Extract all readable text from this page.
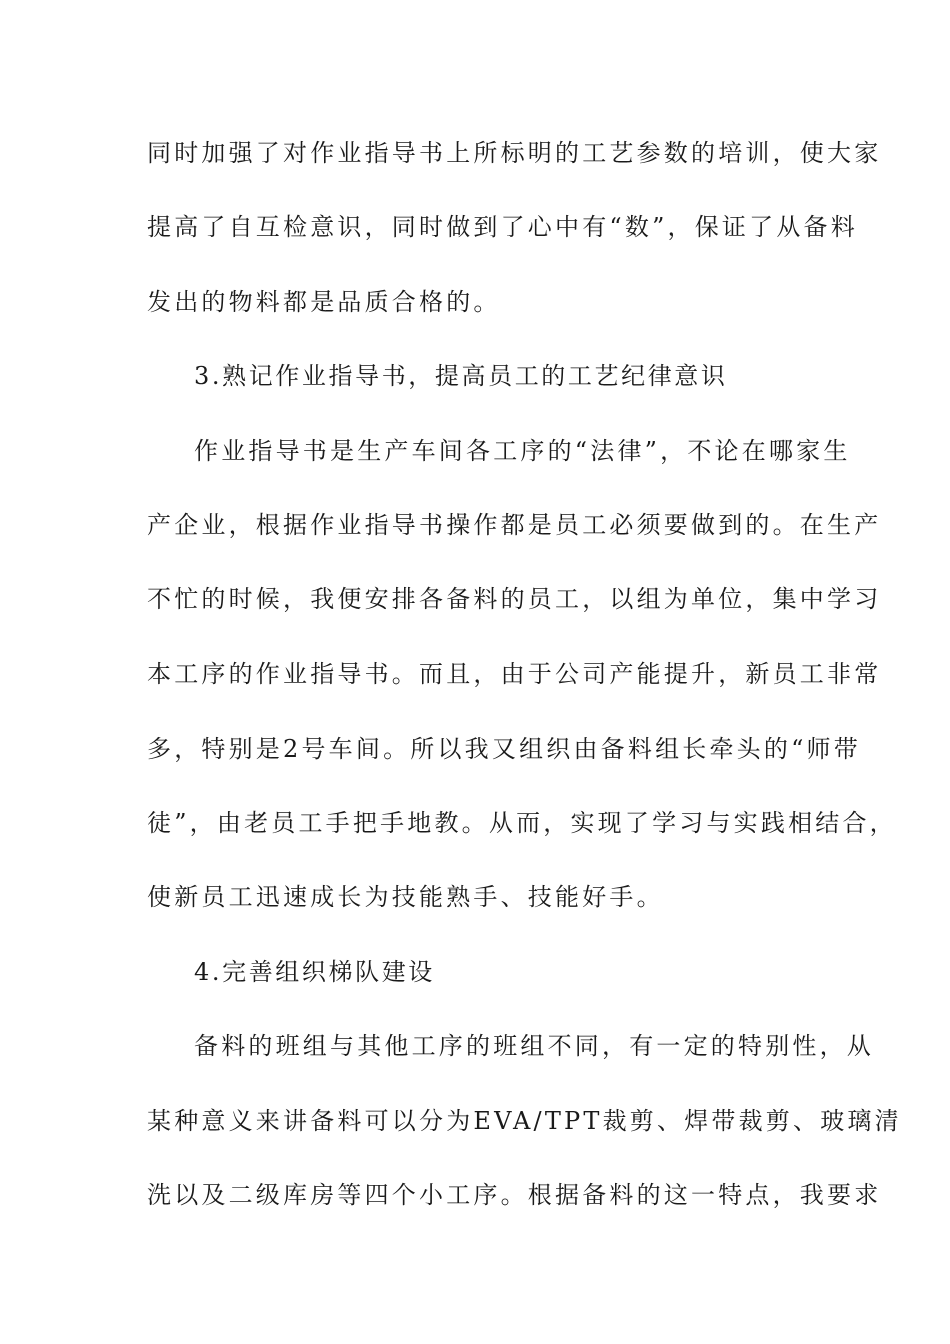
同时加强了对作业指导书上所标明的工艺参数的培训，使大家
提高了自互检意识，同时做到了心中有“数”，保证了从备料
发出的物料都是品质合格的。
3.熟记作业指导书，提高员工的工艺纪律意识
作业指导书是生产车间各工序的“法律”，不论在哪家生
产企业，根据作业指导书操作都是员工必须要做到的。在生产
不忙的时候，我便安排各备料的员工，以组为单位，集中学习
本工序的作业指导书。而且，由于公司产能提升，新员工非常
多，特别是2号车间。所以我又组织由备料组长牵头的“师带
徒”，由老员工手把手地教。从而，实现了学习与实践相结合，
使新员工迅速成长为技能熟手、技能好手。
4.完善组织梯队建设
备料的班组与其他工序的班组不同，有一定的特别性，从
某种意义来讲备料可以分为EVA/TPT裁剪、焊带裁剪、玻璃清
洗以及二级库房等四个小工序。根据备料的这一特点，我要求
